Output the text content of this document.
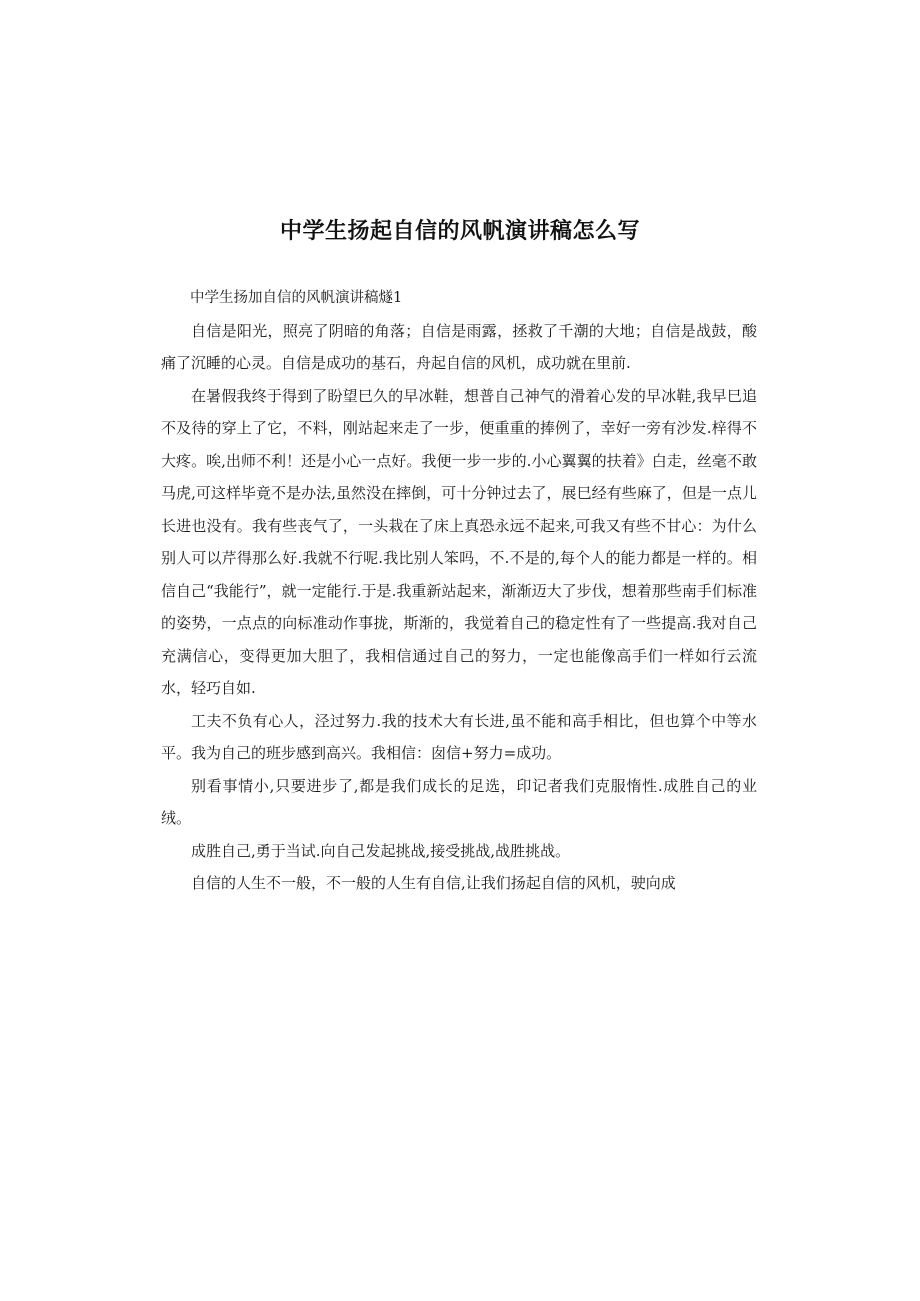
中学生扬起自信的风帆演讲稿怎么写

中学生扬加自信的风帆演讲稿燧1

自信是阳光，照亮了阴暗的角落；自信是雨露，拯救了千潮的大地；自信是战鼓，酸痛了沉睡的心灵。自信是成功的基石，舟起自信的风机，成功就在里前.

在暑假我终于得到了盼望巳久的早冰鞋，想普自己神气的滑着心发的早冰鞋,我早巳追不及待的穿上了它，不料，刚站起来走了一步，便重重的捧例了，幸好一旁有沙发.梓得不大疼。唉,出师不利！还是小心一点好。我便一步一步的.小心翼翼的扶着》白走，丝毫不敢马虎,可这样毕竟不是办法,虽然没在摔倒，可十分钟过去了，展巳经有些麻了，但是一点儿长进也没有。我有些丧气了，一头栽在了床上真恐永远不起来,可我又有些不甘心：为什么别人可以芹得那么好.我就不行呢.我比别人笨吗，不.不是的,每个人的能力都是一样的。相信自己“我能行”，就一定能行.于是.我重新站起来，渐渐迈大了步伐，想着那些南手们标准的姿势，一点点的向标准动作事拢，斯渐的，我觉着自己的稳定性有了一些提高.我对自己充满信心，变得更加大胆了，我相信通过自己的努力，一定也能像高手们一样如行云流水，轻巧自如.

工夫不负有心人，泾过努力.我的技术大有长进,虽不能和高手相比，但也算个中等水平。我为自己的班步感到高兴。我相信：囱信+努力=成功。

别看事情小,只要进步了,都是我们成长的足选，印记者我们克服惰性.成胜自己的业绒。

成胜自己,勇于当试.向自己发起挑战,接受挑战,战胜挑战。

自信的人生不一般，不一般的人生有自信,让我们扬起自信的风机，驶向成
